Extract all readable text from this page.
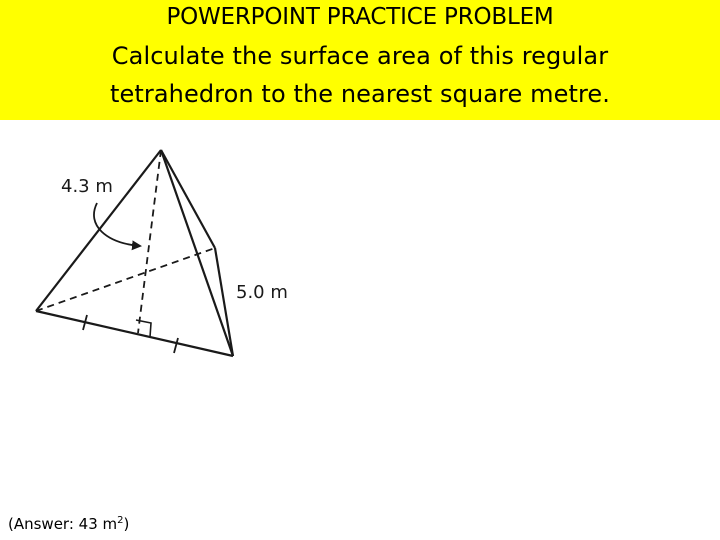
POWERPOINT PRACTICE PROBLEM
Calculate the surface area of this regular
tetrahedron to the nearest square metre.
4.3 m
5.0 m
(Answer: 43 $m^2$)
